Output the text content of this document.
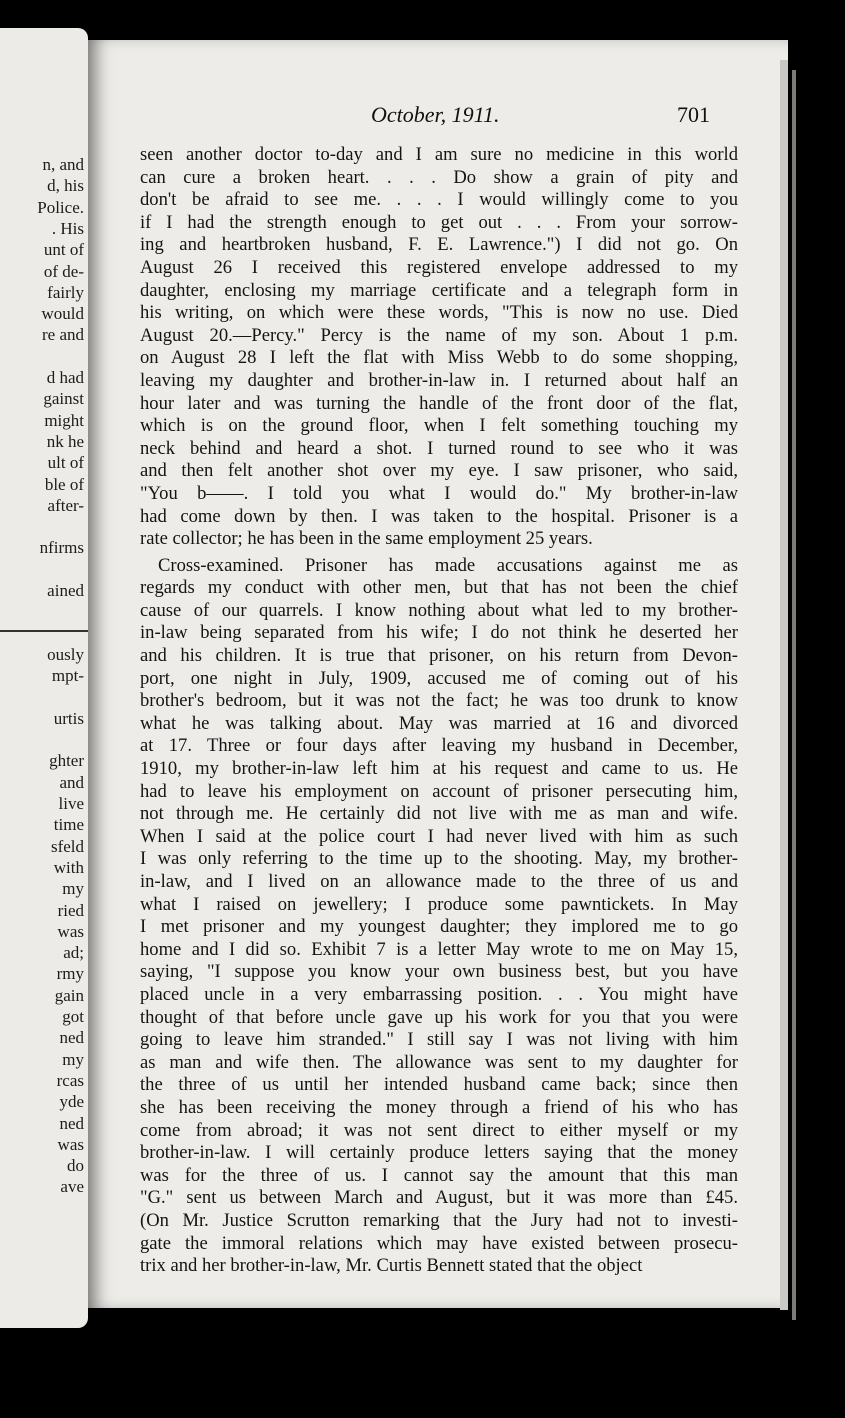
n, and
d, his
Police.
. His
unt of
of de-
fairly
would
re and
d had
gainst
might
nk he
ult of
ble of
after-
nfirms
ained
ously
mpt-
urtis
ghter
and
live
time
sfeld
with
my
ried
was
ad;
rmy
gain
got
ned
my
rcas
yde
ned
was
do
ave
October, 1911.	701
seen another doctor to-day and I am sure no medicine in this world
can cure a broken heart. . . . Do show a grain of pity and
don't be afraid to see me. . . . I would willingly come to you
if I had the strength enough to get out . . . From your sorrow-
ing and heartbroken husband, F. E. Lawrence.") I did not go. On
August 26 I received this registered envelope addressed to my
daughter, enclosing my marriage certificate and a telegraph form in
his writing, on which were these words, "This is now no use. Died
August 20.—Percy." Percy is the name of my son. About 1 p.m.
on August 28 I left the flat with Miss Webb to do some shopping,
leaving my daughter and brother-in-law in. I returned about half an
hour later and was turning the handle of the front door of the flat,
which is on the ground floor, when I felt something touching my
neck behind and heard a shot. I turned round to see who it was
and then felt another shot over my eye. I saw prisoner, who said,
"You b——. I told you what I would do." My brother-in-law
had come down by then. I was taken to the hospital. Prisoner is a
rate collector; he has been in the same employment 25 years.
Cross-examined. Prisoner has made accusations against me as
regards my conduct with other men, but that has not been the chief
cause of our quarrels. I know nothing about what led to my brother-
in-law being separated from his wife; I do not think he deserted her
and his children. It is true that prisoner, on his return from Devon-
port, one night in July, 1909, accused me of coming out of his
brother's bedroom, but it was not the fact; he was too drunk to know
what he was talking about. May was married at 16 and divorced
at 17. Three or four days after leaving my husband in December,
1910, my brother-in-law left him at his request and came to us. He
had to leave his employment on account of prisoner persecuting him,
not through me. He certainly did not live with me as man and wife.
When I said at the police court I had never lived with him as such
I was only referring to the time up to the shooting. May, my brother-
in-law, and I lived on an allowance made to the three of us and
what I raised on jewellery; I produce some pawntickets. In May
I met prisoner and my youngest daughter; they implored me to go
home and I did so. Exhibit 7 is a letter May wrote to me on May 15,
saying, "I suppose you know your own business best, but you have
placed uncle in a very embarrassing position. . . You might have
thought of that before uncle gave up his work for you that you were
going to leave him stranded." I still say I was not living with him
as man and wife then. The allowance was sent to my daughter for
the three of us until her intended husband came back; since then
she has been receiving the money through a friend of his who has
come from abroad; it was not sent direct to either myself or my
brother-in-law. I will certainly produce letters saying that the money
was for the three of us. I cannot say the amount that this man
"G." sent us between March and August, but it was more than £45.
(On Mr. Justice Scrutton remarking that the Jury had not to investi-
gate the immoral relations which may have existed between prosecu-
trix and her brother-in-law, Mr. Curtis Bennett stated that the object
